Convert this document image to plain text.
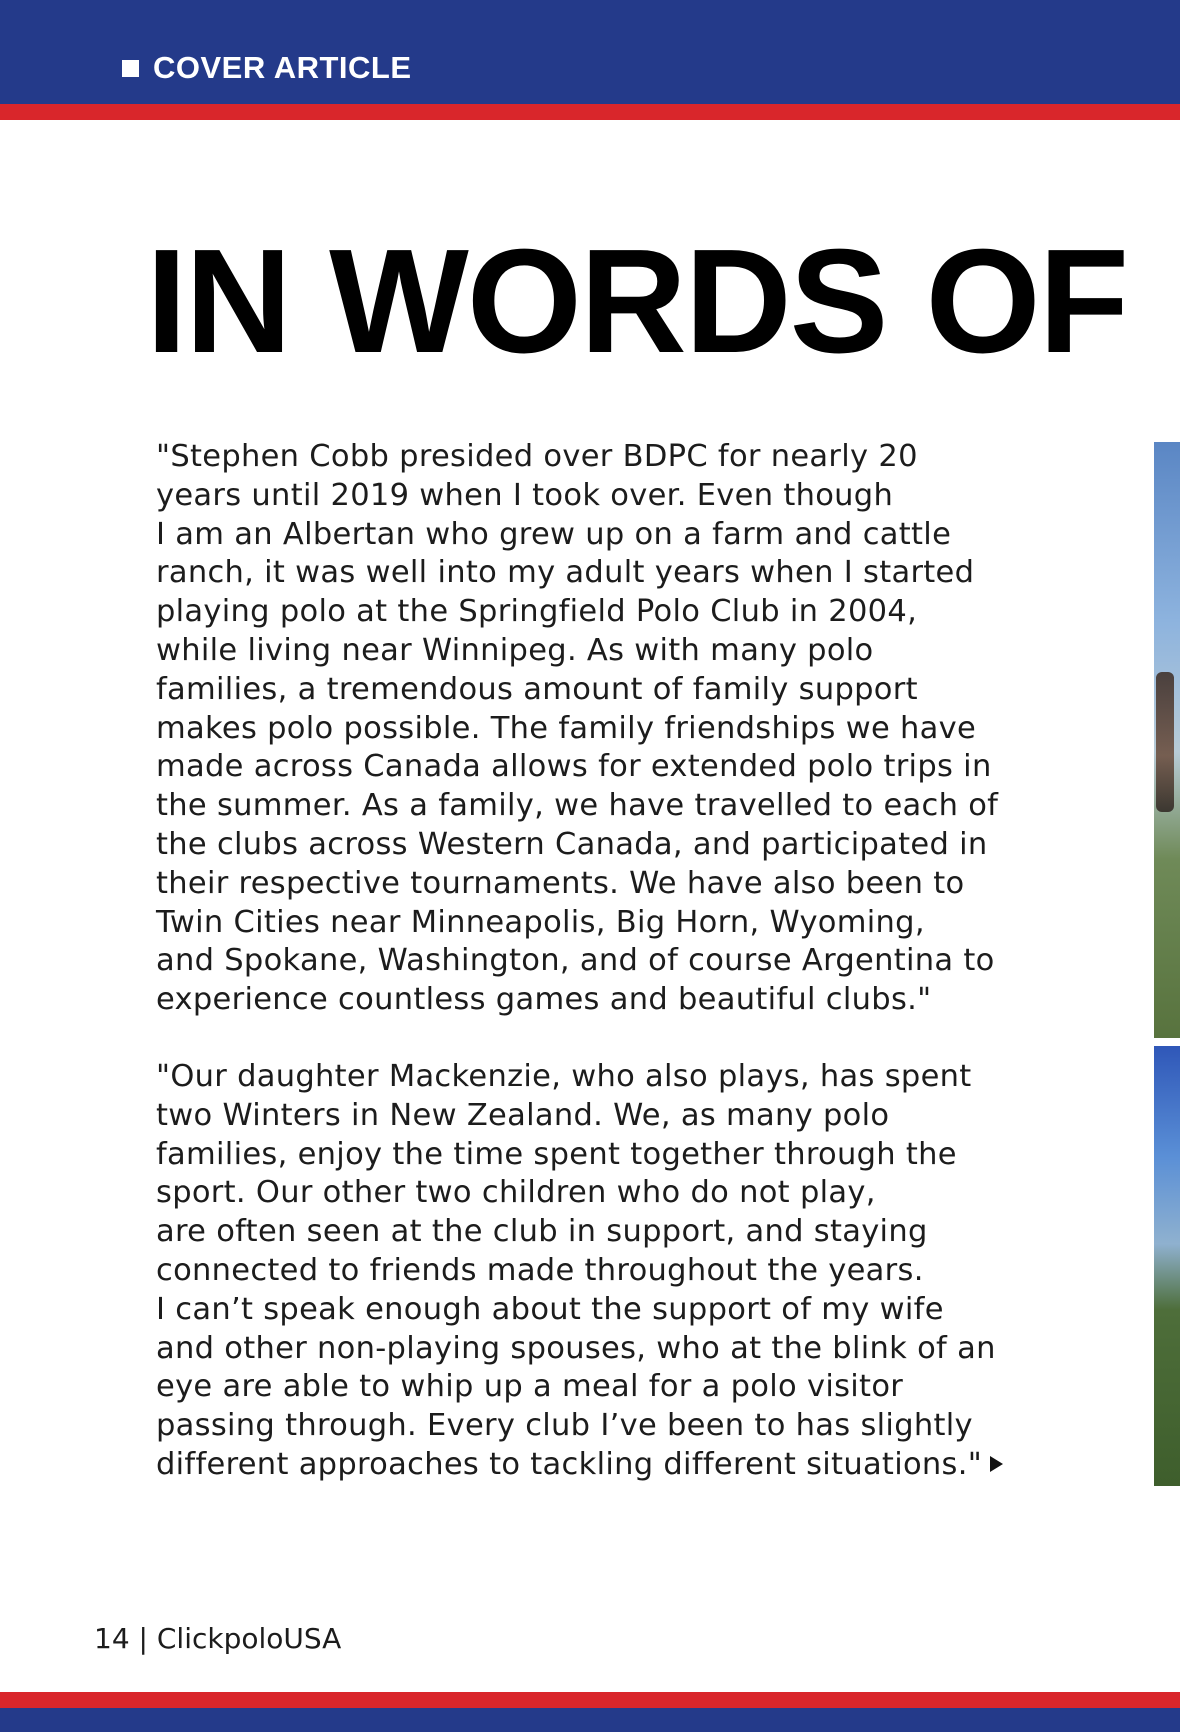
COVER ARTICLE
IN WORDS OF

"Stephen Cobb presided over BDPC for nearly 20
years until 2019 when I took over. Even though
I am an Albertan who grew up on a farm and cattle
ranch, it was well into my adult years when I started
playing polo at the Springfield Polo Club in 2004,
while living near Winnipeg. As with many polo
families, a tremendous amount of family support
makes polo possible. The family friendships we have
made across Canada allows for extended polo trips in
the summer. As a family, we have travelled to each of
the clubs across Western Canada, and participated in
their respective tournaments. We have also been to
Twin Cities near Minneapolis, Big Horn, Wyoming,
and Spokane, Washington, and of course Argentina to
experience countless games and beautiful clubs."

"Our daughter Mackenzie, who also plays, has spent
two Winters in New Zealand. We, as many polo
families, enjoy the time spent together through the
sport. Our other two children who do not play,
are often seen at the club in support, and staying
connected to friends made throughout the years.
I can’t speak enough about the support of my wife
and other non-playing spouses, who at the blink of an
eye are able to whip up a meal for a polo visitor
passing through. Every club I’ve been to has slightly
different approaches to tackling different situations."

14 | ClickpoloUSA
